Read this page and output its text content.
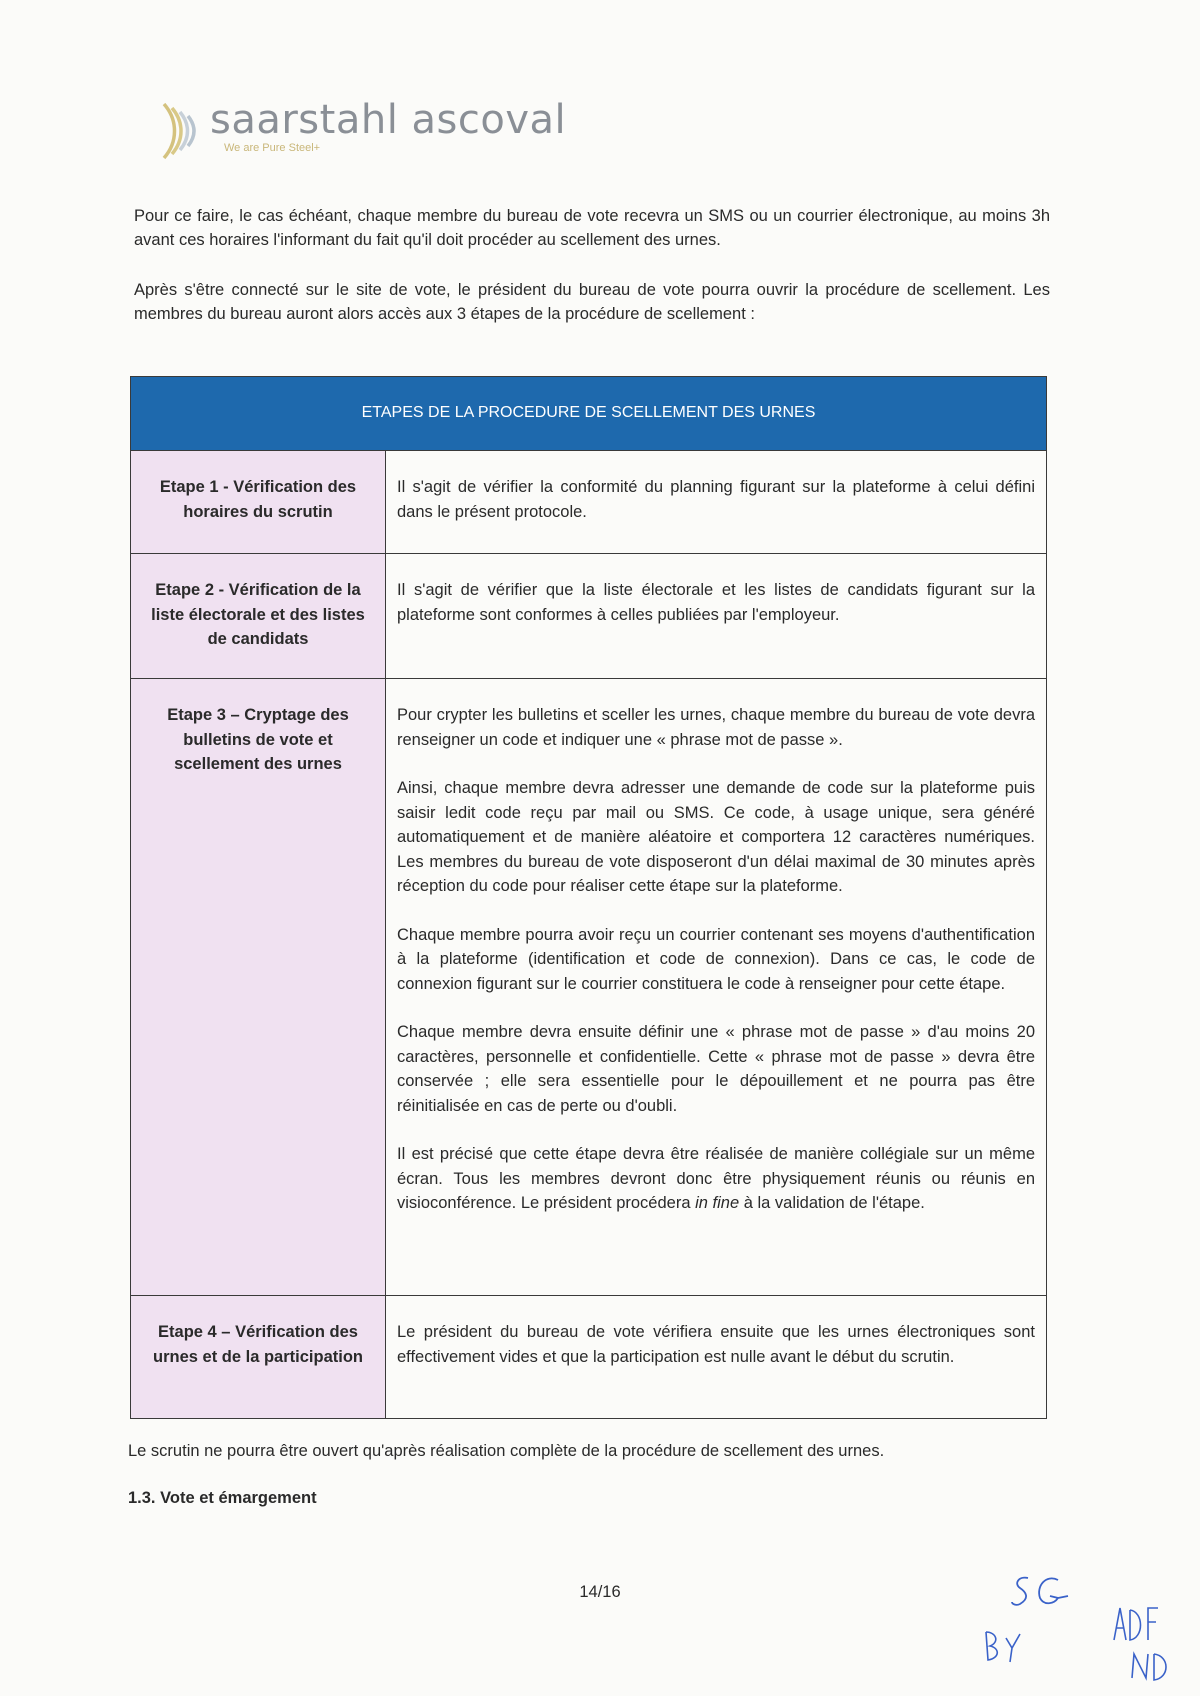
saarstahl ascoval
We are Pure Steel+
Pour ce faire, le cas échéant, chaque membre du bureau de vote recevra un SMS ou un courrier électronique, au moins 3h avant ces horaires l'informant du fait qu'il doit procéder au scellement des urnes.
Après s'être connecté sur le site de vote, le président du bureau de vote pourra ouvrir la procédure de scellement. Les membres du bureau auront alors accès aux 3 étapes de la procédure de scellement :
ETAPES DE LA PROCEDURE DE SCELLEMENT DES URNES	
Etape 1 - Vérification des horaires du scrutin	Il s'agit de vérifier la conformité du planning figurant sur la plateforme à celui défini dans le présent protocole.

Etape 2 - Vérification de la liste électorale et des listes de candidats	Il s'agit de vérifier que la liste électorale et les listes de candidats figurant sur la plateforme sont conformes à celles publiées par l'employeur.

Etape 3 – Cryptage des bulletins de vote et scellement des urnes	Pour crypter les bulletins et sceller les urnes, chaque membre du bureau de vote devra renseigner un code et indiquer une « phrase mot de passe ».

Ainsi, chaque membre devra adresser une demande de code sur la plateforme puis saisir ledit code reçu par mail ou SMS. Ce code, à usage unique, sera généré automatiquement et de manière aléatoire et comportera 12 caractères numériques. Les membres du bureau de vote disposeront d'un délai maximal de 30 minutes après réception du code pour réaliser cette étape sur la plateforme.

Chaque membre pourra avoir reçu un courrier contenant ses moyens d'authentification à la plateforme (identification et code de connexion). Dans ce cas, le code de connexion figurant sur le courrier constituera le code à renseigner pour cette étape.

Chaque membre devra ensuite définir une « phrase mot de passe » d'au moins 20 caractères, personnelle et confidentielle. Cette « phrase mot de passe » devra être conservée ; elle sera essentielle pour le dépouillement et ne pourra pas être réinitialisée en cas de perte ou d'oubli.

Il est précisé que cette étape devra être réalisée de manière collégiale sur un même écran. Tous les membres devront donc être physiquement réunis ou réunis en visioconférence. Le président procédera in fine à la validation de l'étape.

Etape 4 – Vérification des urnes et de la participation	Le président du bureau de vote vérifiera ensuite que les urnes électroniques sont effectivement vides et que la participation est nulle avant le début du scrutin.

Le scrutin ne pourra être ouvert qu'après réalisation complète de la procédure de scellement des urnes.
1.3. Vote et émargement
14/16
